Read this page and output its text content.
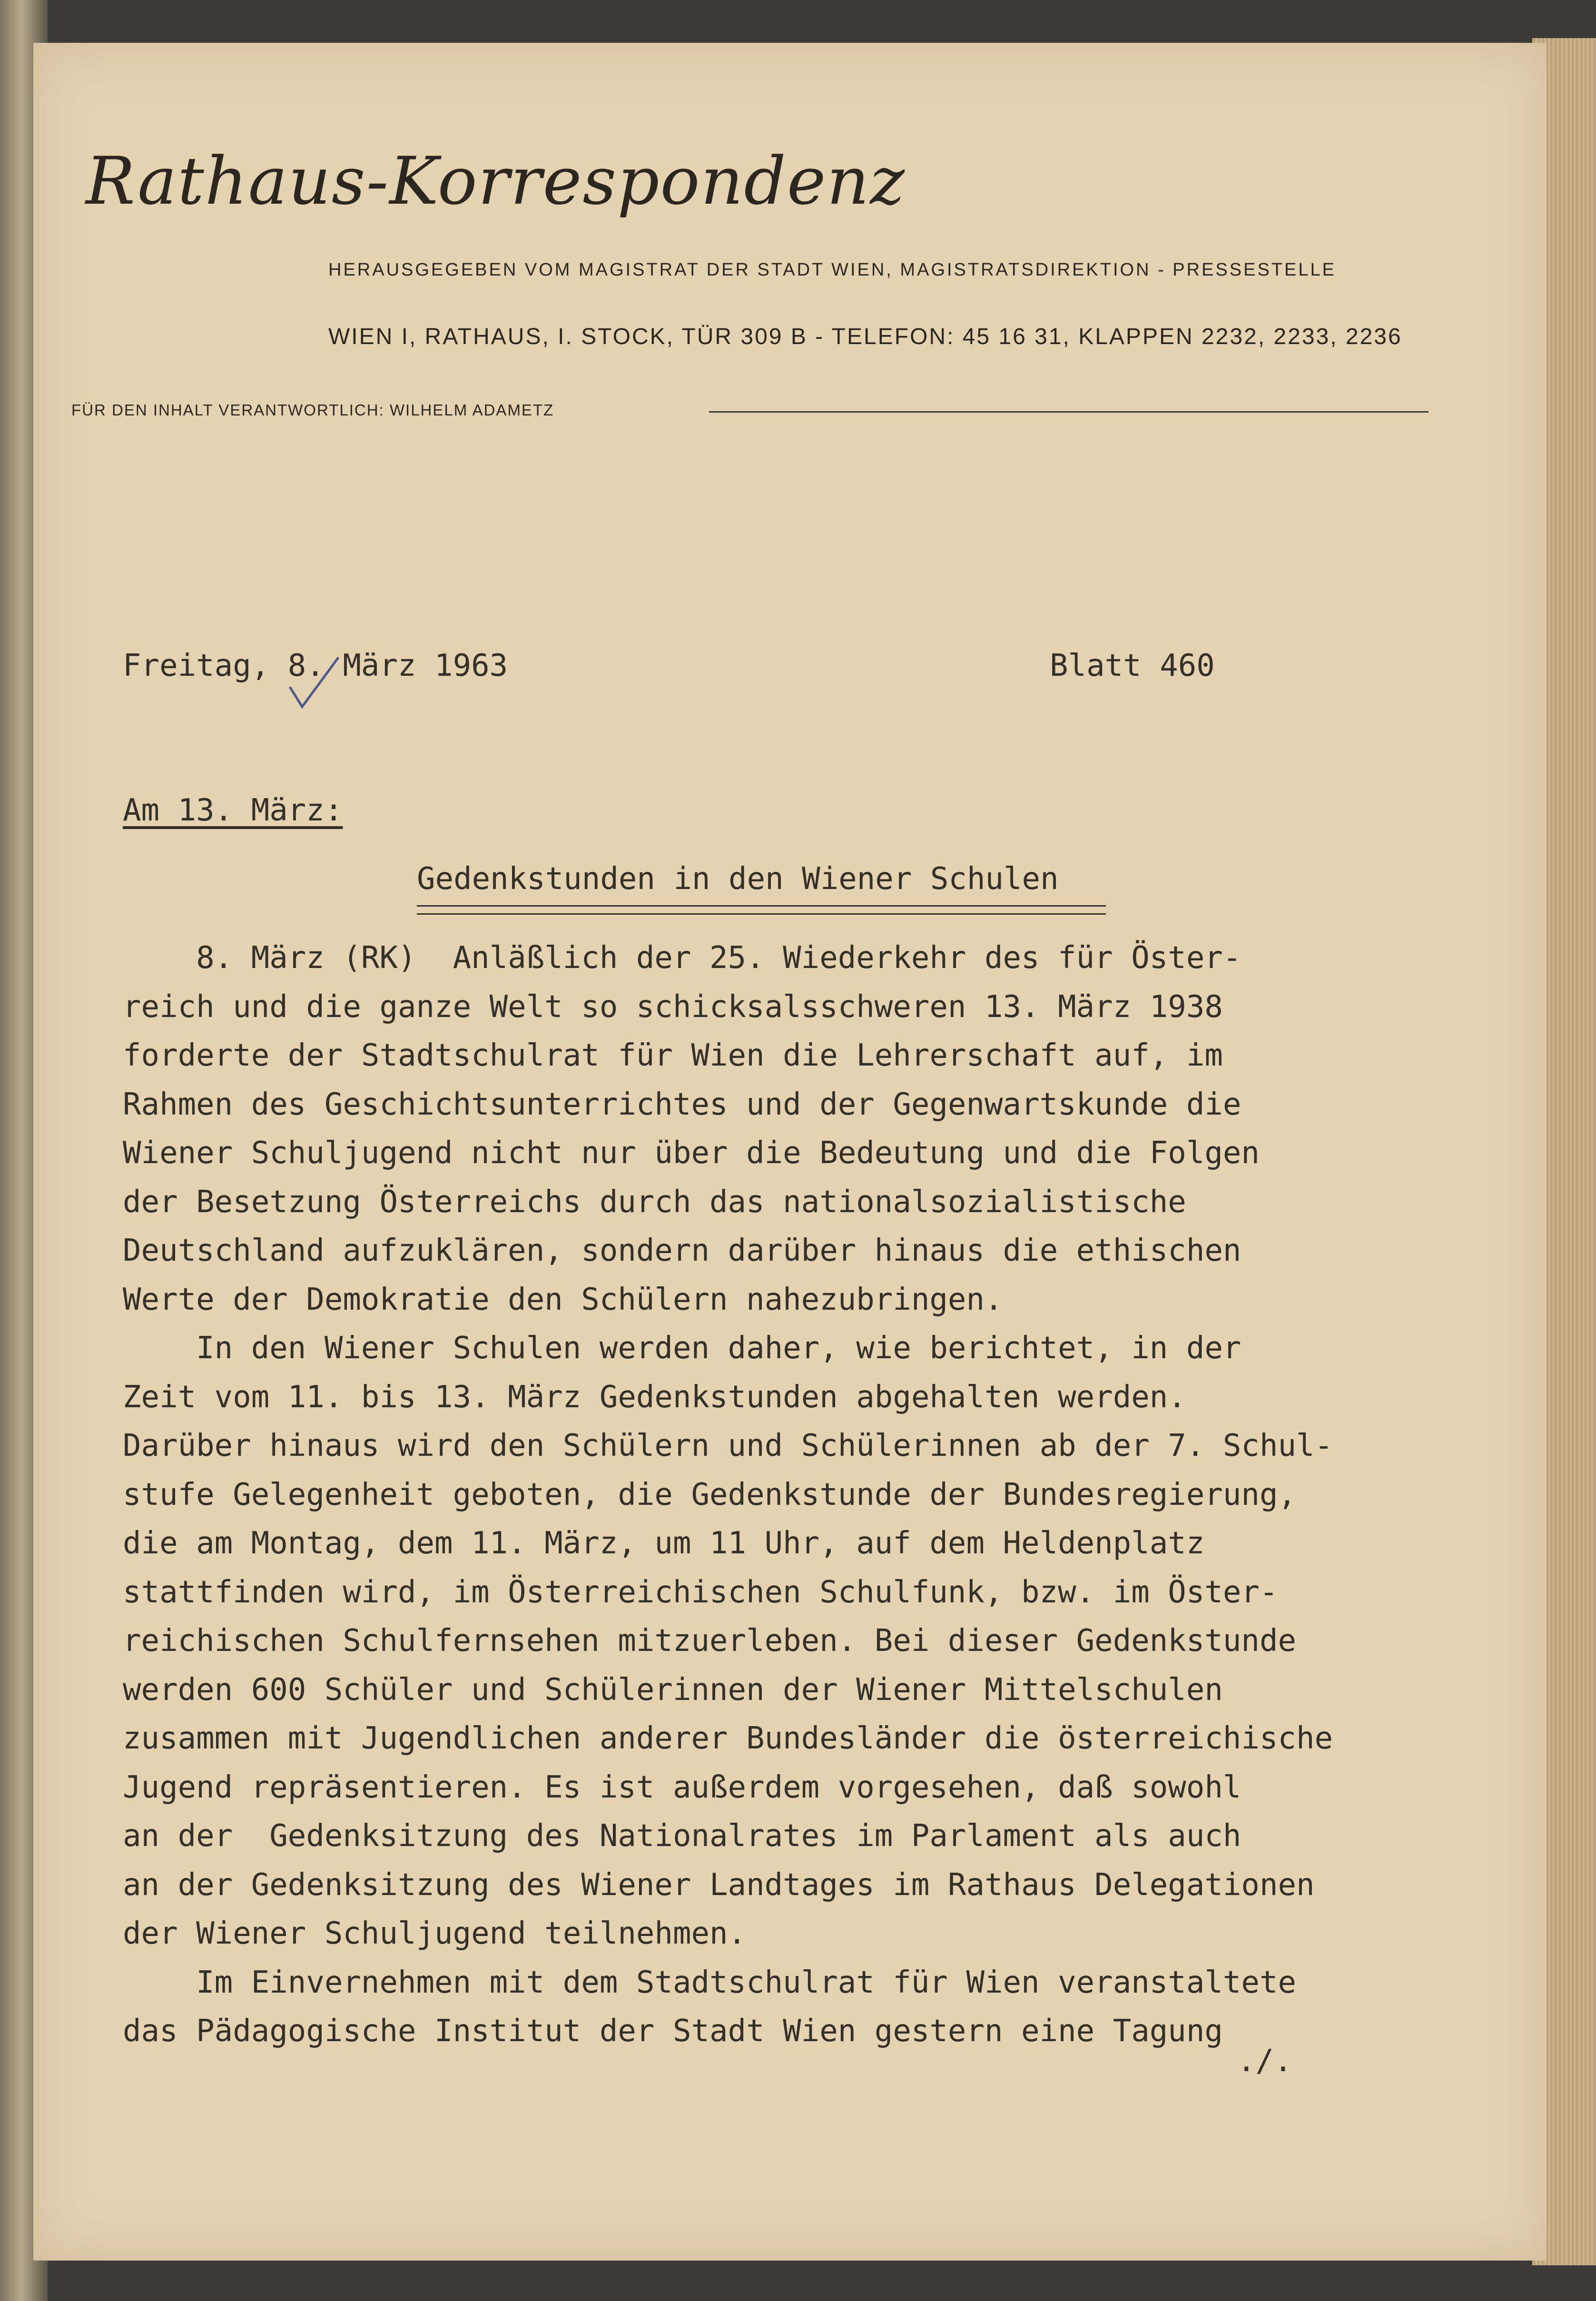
Rathaus-Korrespondenz
HERAUSGEGEBEN VOM MAGISTRAT DER STADT WIEN, MAGISTRATSDIREKTION - PRESSESTELLE
WIEN I, RATHAUS, I. STOCK, TÜR 309 B - TELEFON: 45 16 31, KLAPPEN 2232, 2233, 2236
FÜR DEN INHALT VERANTWORTLICH: WILHELM ADAMETZ
Freitag, 8. März 1963	Blatt 460
Am 13. März:
Gedenkstunden in den Wiener Schulen
8. März (RK)  Anläßlich der 25. Wiederkehr des für Öster-
reich und die ganze Welt so schicksalsschweren 13. März 1938
forderte der Stadtschulrat für Wien die Lehrerschaft auf, im
Rahmen des Geschichtsunterrichtes und der Gegenwartskunde die
Wiener Schuljugend nicht nur über die Bedeutung und die Folgen
der Besetzung Österreichs durch das nationalsozialistische
Deutschland aufzuklären, sondern darüber hinaus die ethischen
Werte der Demokratie den Schülern nahezubringen.
In den Wiener Schulen werden daher, wie berichtet, in der
Zeit vom 11. bis 13. März Gedenkstunden abgehalten werden.
Darüber hinaus wird den Schülern und Schülerinnen ab der 7. Schul-
stufe Gelegenheit geboten, die Gedenkstunde der Bundesregierung,
die am Montag, dem 11. März, um 11 Uhr, auf dem Heldenplatz
stattfinden wird, im Österreichischen Schulfunk, bzw. im Öster-
reichischen Schulfernsehen mitzuerleben. Bei dieser Gedenkstunde
werden 600 Schüler und Schülerinnen der Wiener Mittelschulen
zusammen mit Jugendlichen anderer Bundesländer die österreichische
Jugend repräsentieren. Es ist außerdem vorgesehen, daß sowohl
an der  Gedenksitzung des Nationalrates im Parlament als auch
an der Gedenksitzung des Wiener Landtages im Rathaus Delegationen
der Wiener Schuljugend teilnehmen.
Im Einvernehmen mit dem Stadtschulrat für Wien veranstaltete
das Pädagogische Institut der Stadt Wien gestern eine Tagung
./.
